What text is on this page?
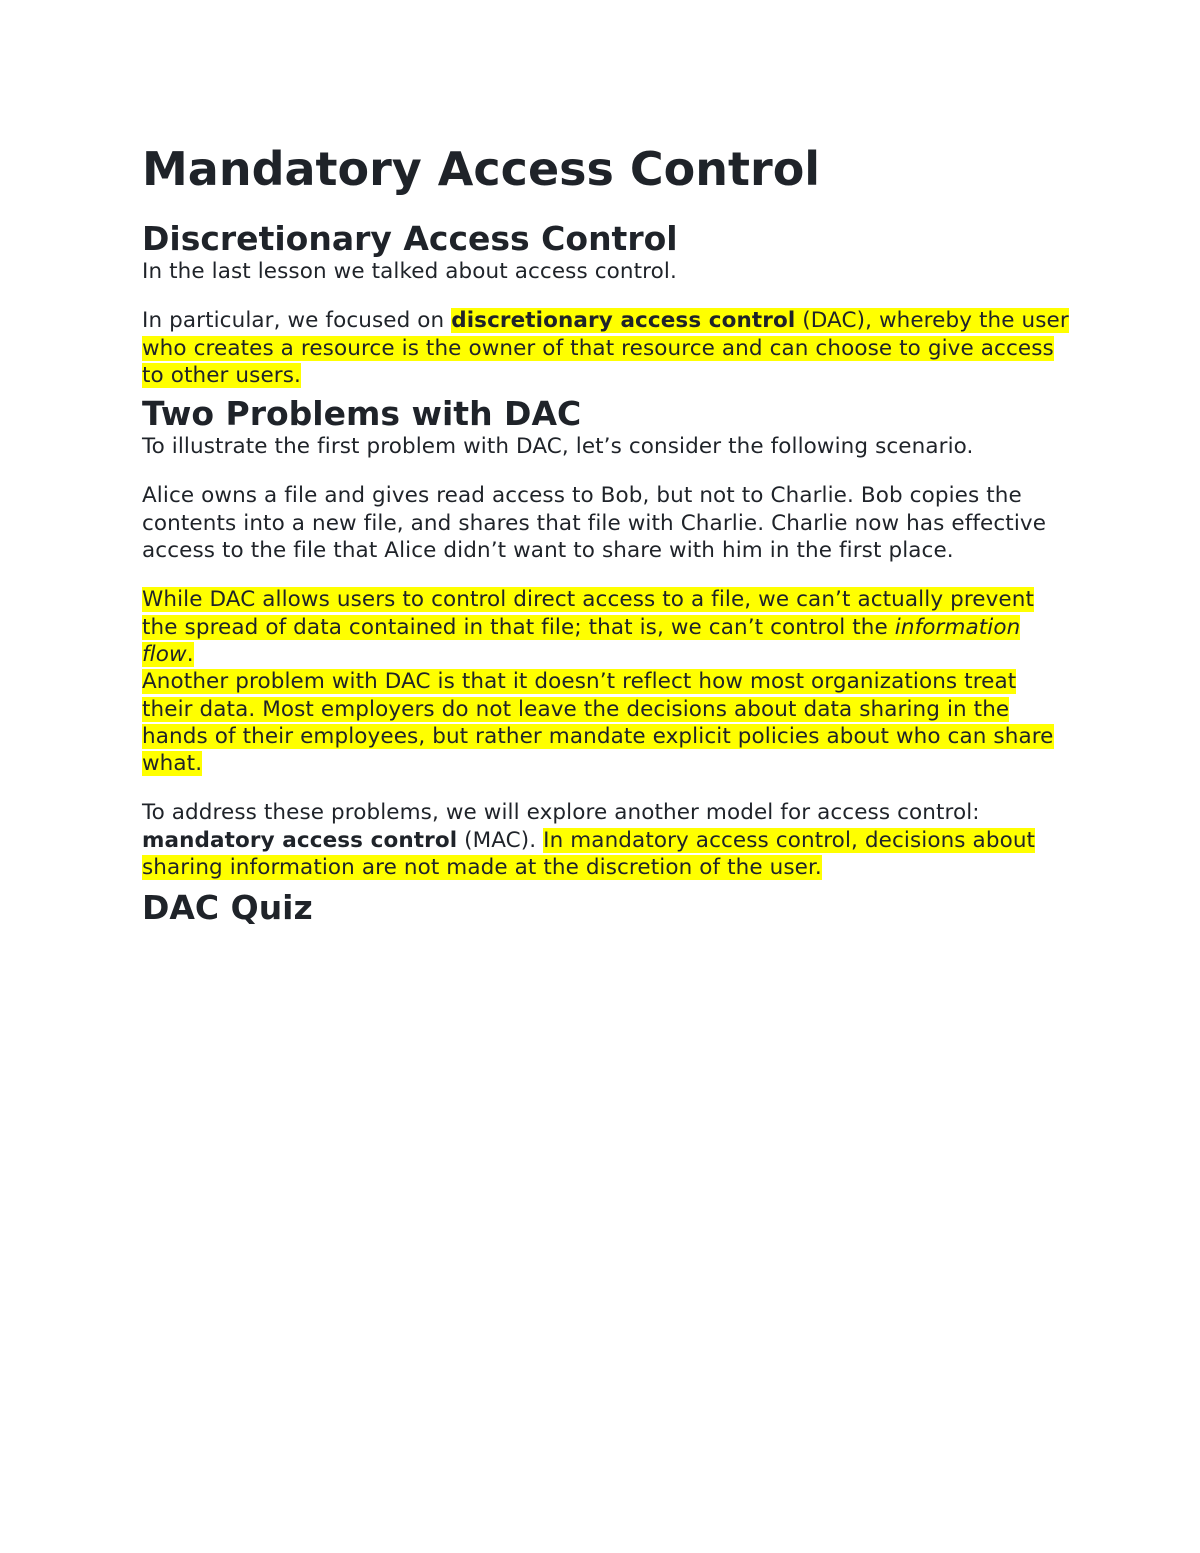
Mandatory Access Control
Discretionary Access Control

In the last lesson we talked about access control.

In particular, we focused on discretionary access control (DAC), whereby the user who creates a resource is the owner of that resource and can choose to give access to other users.

Two Problems with DAC

To illustrate the first problem with DAC, let’s consider the following scenario.

Alice owns a file and gives read access to Bob, but not to Charlie. Bob copies the contents into a new file, and shares that file with Charlie. Charlie now has effective access to the file that Alice didn’t want to share with him in the first place.

While DAC allows users to control direct access to a file, we can’t actually prevent the spread of data contained in that file; that is, we can’t control the information flow.

Another problem with DAC is that it doesn’t reflect how most organizations treat their data. Most employers do not leave the decisions about data sharing in the hands of their employees, but rather mandate explicit policies about who can share what.

To address these problems, we will explore another model for access control: mandatory access control (MAC). In mandatory access control, decisions about sharing information are not made at the discretion of the user.

DAC Quiz
